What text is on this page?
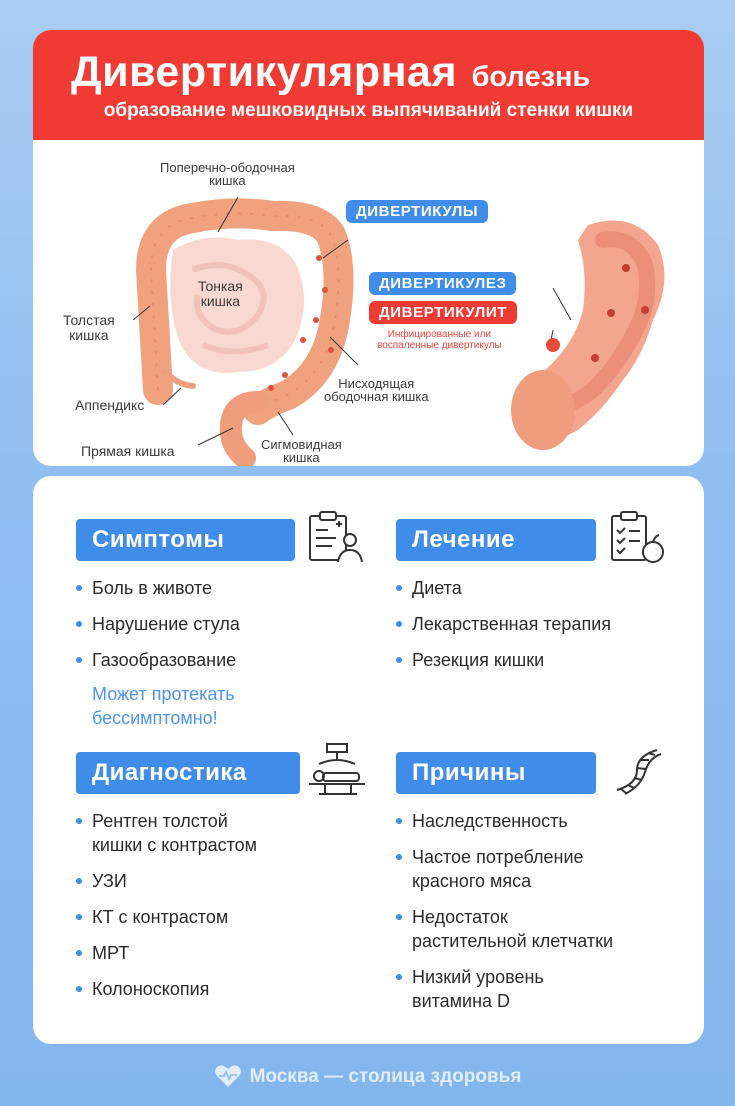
Дивертикулярная болезнь
образование мешковидных выпячиваний стенки кишки
Поперечно-ободочная
кишка
Тонкая
кишка
Толстая
кишка
Аппендикс
Прямая кишка	Сигмовидная
кишка
Нисходящая
ободочная кишка
ДИВЕРТИКУЛЫ
ДИВЕРТИКУЛЕЗ
ДИВЕРТИКУЛИТ
Инфицированные или
воспаленные дивертикулы
Симптомы
Боль в животе
Нарушение стула
Газообразование
Может протекать
бессимптомно!
Лечение
Диета
Лекарственная терапия
Резекция кишки
Диагностика
Рентген толстой
кишки с контрастом
УЗИ
КТ с контрастом
МРТ
Колоноскопия
Причины
Наследственность
Частое потребление
красного мяса
Недостаток
растительной клетчатки
Низкий уровень
витамина D
Москва — столица здоровья
